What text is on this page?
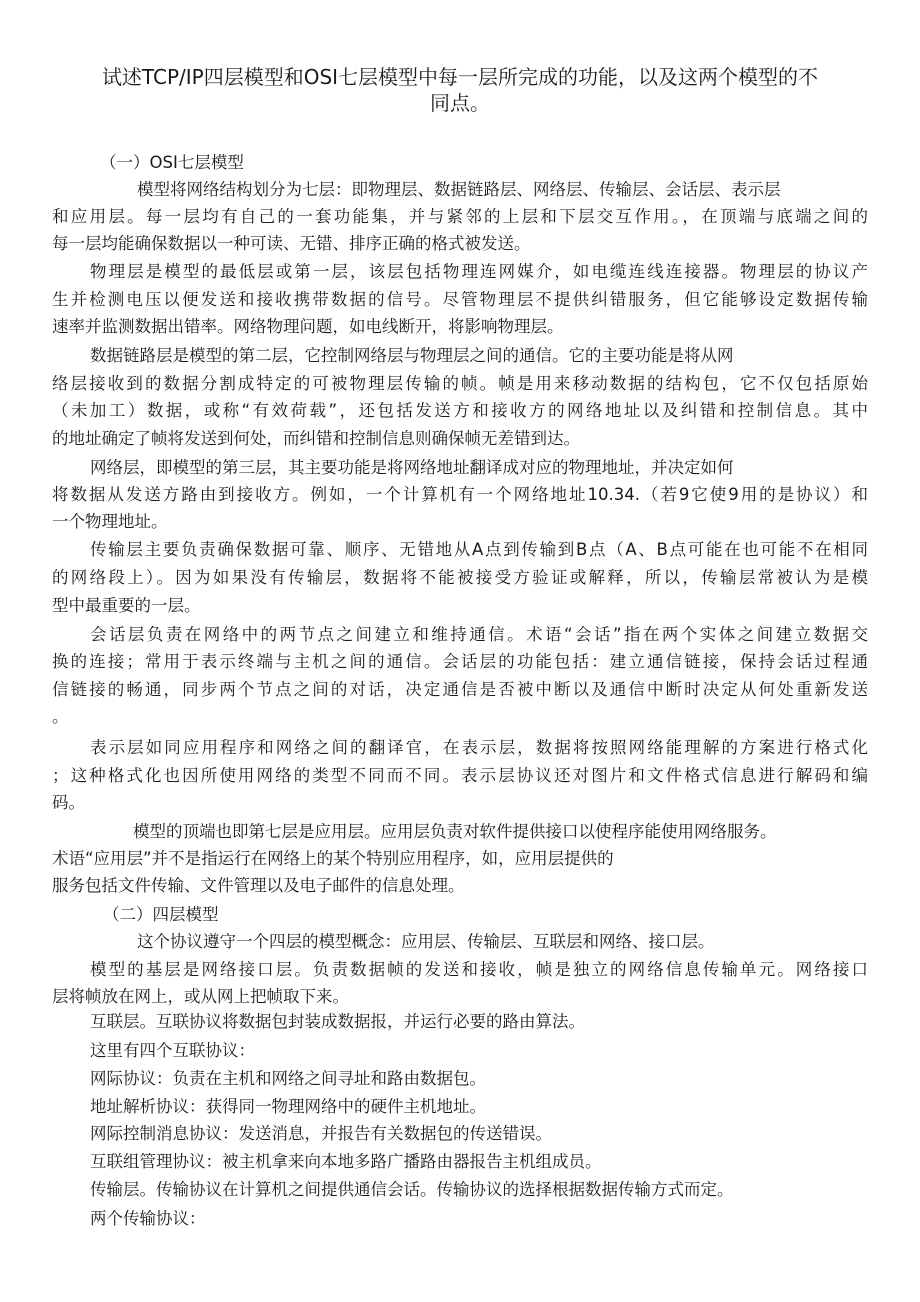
试述TCP/IP四层模型和OSI七层模型中每一层所完成的功能，以及这两个模型的不
同点。
（一）OSI七层模型
模型将网络结构划分为七层：即物理层、数据链路层、网络层、传输层、会话层、表示层
和应用层。每一层均有自己的一套功能集，并与紧邻的上层和下层交互作用。，在顶端与底端之间的
每一层均能确保数据以一种可读、无错、排序正确的格式被发送。
物理层是模型的最低层或第一层，该层包括物理连网媒介，如电缆连线连接器。物理层的协议产
生并检测电压以便发送和接收携带数据的信号。尽管物理层不提供纠错服务，但它能够设定数据传输
速率并监测数据出错率。网络物理问题，如电线断开，将影响物理层。
数据链路层是模型的第二层，它控制网络层与物理层之间的通信。它的主要功能是将从网
络层接收到的数据分割成特定的可被物理层传输的帧。帧是用来移动数据的结构包，它不仅包括原始
（未加工）数据，或称“有效荷载”，还包括发送方和接收方的网络地址以及纠错和控制信息。其中
的地址确定了帧将发送到何处，而纠错和控制信息则确保帧无差错到达。
网络层，即模型的第三层，其主要功能是将网络地址翻译成对应的物理地址，并决定如何
将数据从发送方路由到接收方。例如，一个计算机有一个网络地址10.34.（若9它使9用的是协议）和
一个物理地址。
传输层主要负责确保数据可靠、顺序、无错地从A点到传输到B点（A、B点可能在也可能不在相同
的网络段上）。因为如果没有传输层，数据将不能被接受方验证或解释，所以，传输层常被认为是模
型中最重要的一层。
会话层负责在网络中的两节点之间建立和维持通信。术语“会话”指在两个实体之间建立数据交
换的连接；常用于表示终端与主机之间的通信。会话层的功能包括：建立通信链接，保持会话过程通
信链接的畅通，同步两个节点之间的对话，决定通信是否被中断以及通信中断时决定从何处重新发送
。
表示层如同应用程序和网络之间的翻译官，在表示层，数据将按照网络能理解的方案进行格式化
；这种格式化也因所使用网络的类型不同而不同。表示层协议还对图片和文件格式信息进行解码和编
码。
模型的顶端也即第七层是应用层。应用层负责对软件提供接口以使程序能使用网络服务。
术语“应用层”并不是指运行在网络上的某个特别应用程序，如，应用层提供的
服务包括文件传输、文件管理以及电子邮件的信息处理。
（二）四层模型
这个协议遵守一个四层的模型概念：应用层、传输层、互联层和网络、接口层。
模型的基层是网络接口层。负责数据帧的发送和接收，帧是独立的网络信息传输单元。网络接口
层将帧放在网上，或从网上把帧取下来。
互联层。互联协议将数据包封装成数据报，并运行必要的路由算法。
这里有四个互联协议：
网际协议：负责在主机和网络之间寻址和路由数据包。
地址解析协议：获得同一物理网络中的硬件主机地址。
网际控制消息协议：发送消息，并报告有关数据包的传送错误。
互联组管理协议：被主机拿来向本地多路广播路由器报告主机组成员。
传输层。传输协议在计算机之间提供通信会话。传输协议的选择根据数据传输方式而定。
两个传输协议：
